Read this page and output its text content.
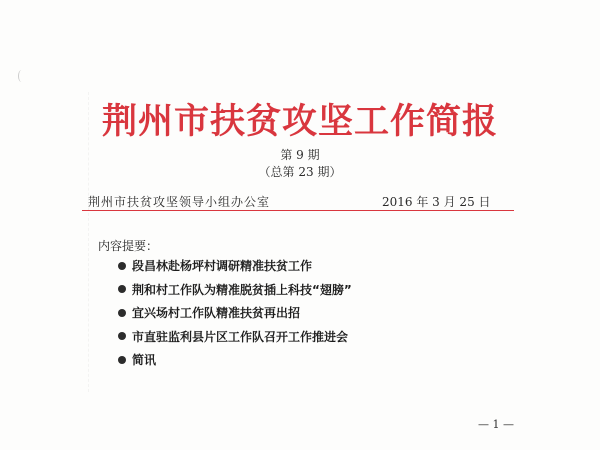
荆州市扶贫攻坚工作简报
第 9 期
（总第 23 期）
荆州市扶贫攻坚领导小组办公室	2016 年 3 月 25 日
内容提要：
段昌林赴杨坪村调研精准扶贫工作
荆和村工作队为精准脱贫插上科技“翅膀”
宜兴场村工作队精准扶贫再出招
市直驻监利县片区工作队召开工作推进会
简讯
— 1 —
